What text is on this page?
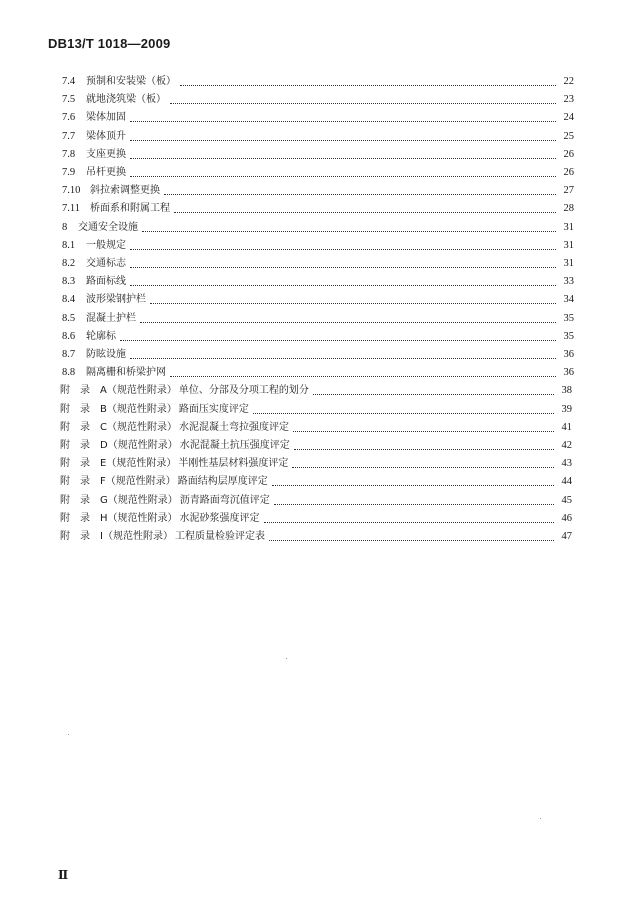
DB13/T 1018—2009
7.4	预制和安装梁（板）	22
7.5	就地浇筑梁（板）	23
7.6	梁体加固	24
7.7	梁体顶升	25
7.8	支座更换	26
7.9	吊杆更换	26
7.10 斜拉索调整更换	27
7.11	桥面系和附属工程	28
8	交通安全设施	31
8.1	一般规定	31
8.2	交通标志	31
8.3	路面标线	33
8.4	波形梁钢护栏	34
8.5	混凝土护栏	35
8.6	轮廓标	35
8.7	防眩设施	36
8.8	隔离栅和桥梁护网	36
附　录　A（规范性附录） 单位、分部及分项工程的划分	38
附　录　B（规范性附录） 路面压实度评定	39
附　录　C（规范性附录） 水泥混凝土弯拉强度评定	41
附　录　D（规范性附录） 水泥混凝土抗压强度评定	42
附　录　E（规范性附录） 半刚性基层材料强度评定	43
附　录　F（规范性附录） 路面结构层厚度评定	44
附　录　G（规范性附录） 沥青路面弯沉值评定	45
附　录　H（规范性附录） 水泥砂浆强度评定	46
附　录　I（规范性附录） 工程质量检验评定表	47
Ⅱ
